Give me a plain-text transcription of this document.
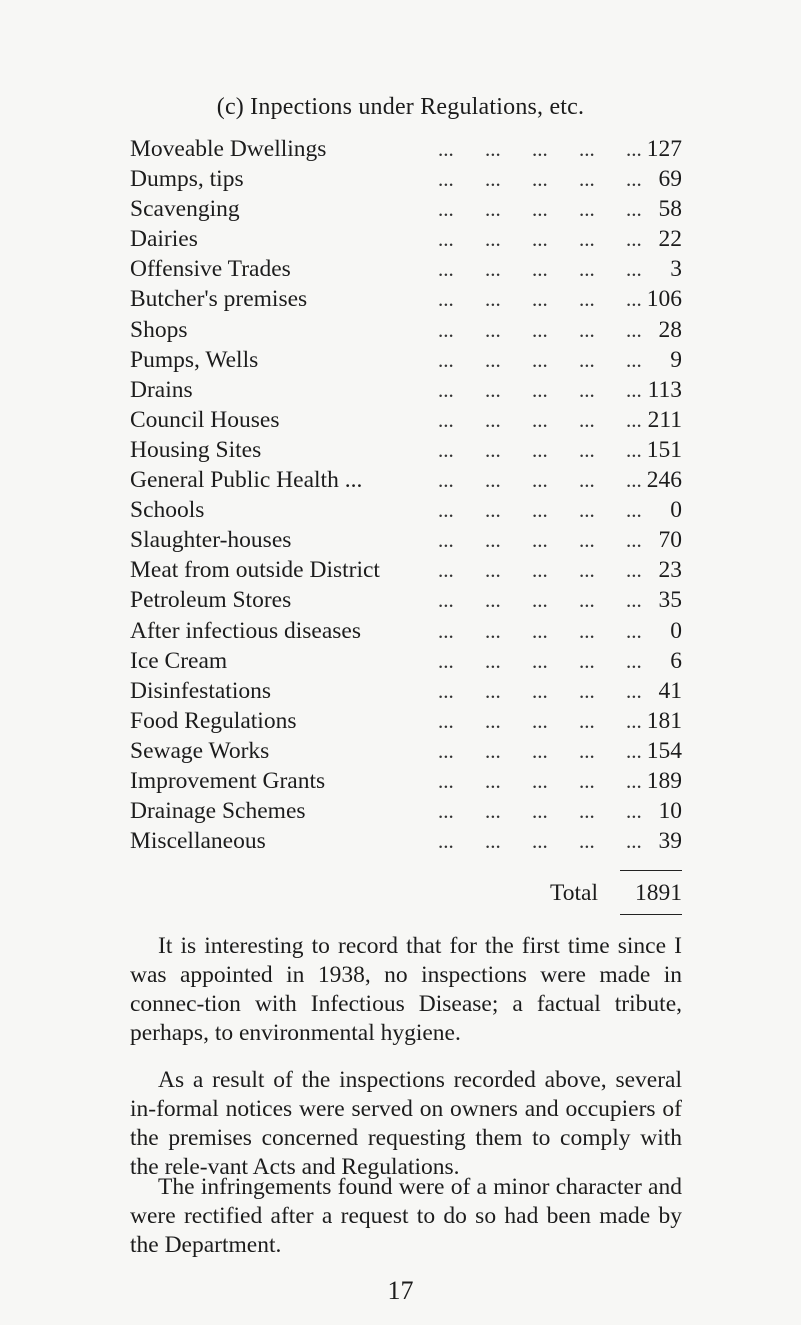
(c) Inpections under Regulations, etc.
Moveable Dwellings	... ... ... ... ... 127
Dumps, tips	... ... ... ... ... 69
Scavenging	... ... ... ... ... 58
Dairies	... ... ... ... ... 22
Offensive Trades	... ... ... ... ... 3
Butcher's premises	... ... ... ... ... 106
Shops	... ... ... ... ... 28
Pumps, Wells	... ... ... ... ... 9
Drains	... ... ... ... ... 113
Council Houses	... ... ... ... ... 211
Housing Sites	... ... ... ... ... 151
General Public Health ...	... ... ... ... ... 246
Schools	... ... ... ... ... 0
Slaughter-houses	... ... ... ... ... 70
Meat from outside District	... ... ... ... ... 23
Petroleum Stores	... ... ... ... ... 35
After infectious diseases	... ... ... ... ... 0
Ice Cream	... ... ... ... ... 6
Disinfestations	... ... ... ... ... 41
Food Regulations	... ... ... ... ... 181
Sewage Works	... ... ... ... ... 154
Improvement Grants	... ... ... ... ... 189
Drainage Schemes	... ... ... ... ... 10
Miscellaneous	... ... ... ... ... 39
Total 1891
It is interesting to record that for the first time since I was appointed in 1938, no inspections were made in connec-tion with Infectious Disease; a factual tribute, perhaps, to environmental hygiene.
As a result of the inspections recorded above, several in-formal notices were served on owners and occupiers of the premises concerned requesting them to comply with the rele-vant Acts and Regulations.
The infringements found were of a minor character and were rectified after a request to do so had been made by the Department.
17
